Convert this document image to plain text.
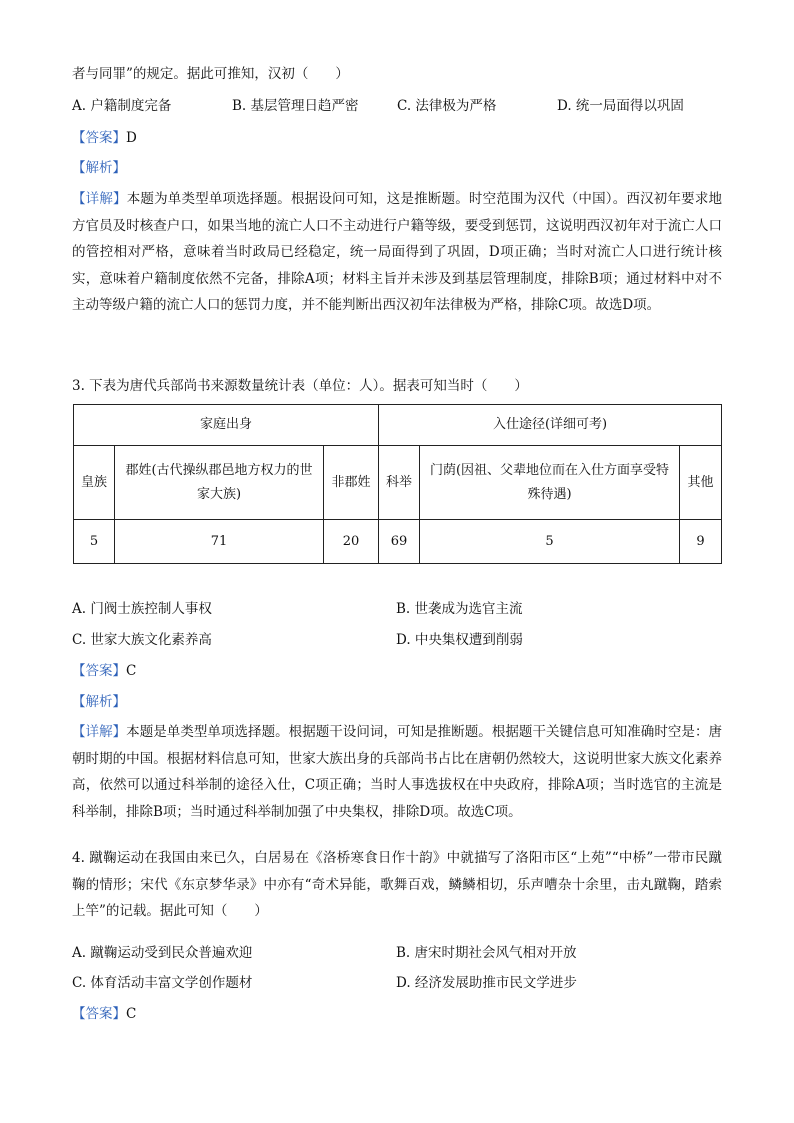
者与同罪”的规定。据此可推知，汉初（　　）
A. 户籍制度完备	B. 基层管理日趋严密	C. 法律极为严格	D. 统一局面得以巩固
【答案】D
【解析】

【详解】本题为单类型单项选择题。根据设问可知，这是推断题。时空范围为汉代（中国）。西汉初年要求地方官员及时核查户口，如果当地的流亡人口不主动进行户籍等级，要受到惩罚，这说明西汉初年对于流亡人口的管控相对严格，意味着当时政局已经稳定，统一局面得到了巩固，D项正确；当时对流亡人口进行统计核实，意味着户籍制度依然不完备，排除A项；材料主旨并未涉及到基层管理制度，排除B项；通过材料中对不主动等级户籍的流亡人口的惩罚力度，并不能判断出西汉初年法律极为严格，排除C项。故选D项。

3. 下表为唐代兵部尚书来源数量统计表（单位：人）。据表可知当时（　　）
家庭出身			入仕途径(详细可考)		
皇族	郡姓(古代操纵郡邑地方权力的世家大族)	非郡姓	科举	门荫(因祖、父辈地位而在入仕方面享受特殊待遇)	其他
5	71	20	69	5	9
A. 门阀士族控制人事权	B. 世袭成为选官主流
C. 世家大族文化素养高	D. 中央集权遭到削弱
【答案】C
【解析】

【详解】本题是单类型单项选择题。根据题干设问词，可知是推断题。根据题干关键信息可知准确时空是：唐朝时期的中国。根据材料信息可知，世家大族出身的兵部尚书占比在唐朝仍然较大，这说明世家大族文化素养高，依然可以通过科举制的途径入仕，C项正确；当时人事选拔权在中央政府，排除A项；当时选官的主流是科举制，排除B项；当时通过科举制加强了中央集权，排除D项。故选C项。

4. 蹴鞠运动在我国由来已久，白居易在《洛桥寒食日作十韵》中就描写了洛阳市区“上苑”“中桥”一带市民蹴鞠的情形；宋代《东京梦华录》中亦有“奇术异能，歌舞百戏，鳞鳞相切，乐声嘈杂十余里，击丸蹴鞠，踏索上竿”的记载。据此可知（　　）

A. 蹴鞠运动受到民众普遍欢迎	B. 唐宋时期社会风气相对开放
C. 体育活动丰富文学创作题材	D. 经济发展助推市民文学进步
【答案】C
